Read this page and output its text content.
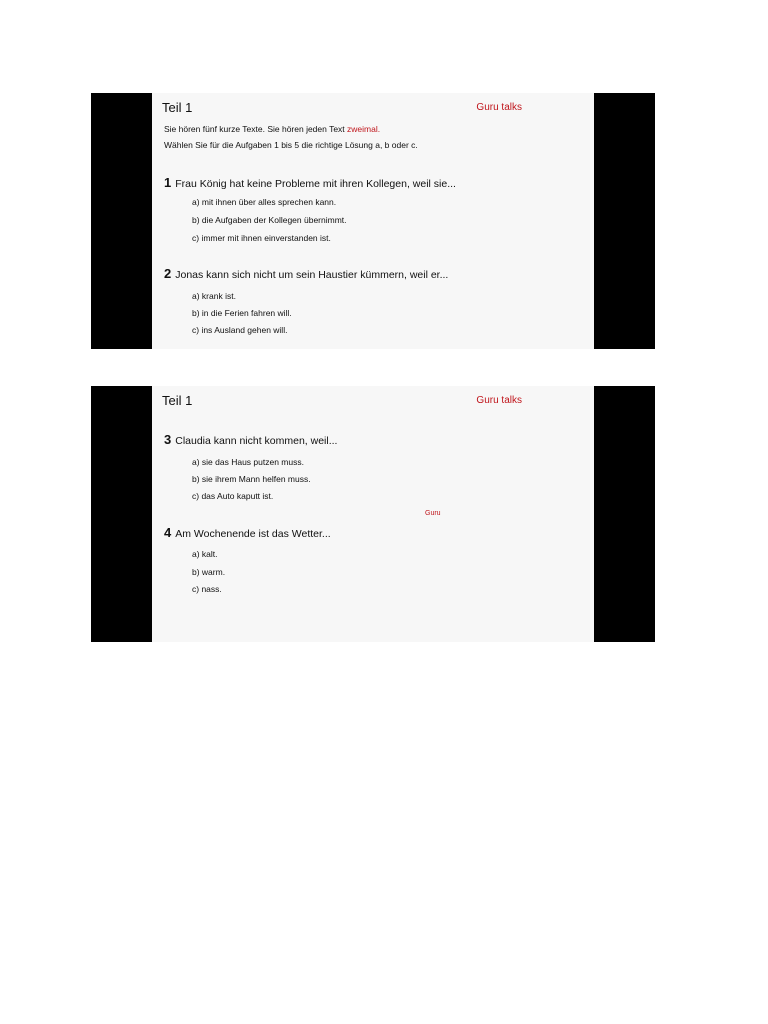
Teil 1	Guru talks
Sie hören fünf kurze Texte. Sie hören jeden Text zweimal.
Wählen Sie für die Aufgaben 1 bis 5 die richtige Lösung a, b oder c.
1 Frau König hat keine Probleme mit ihren Kollegen, weil sie...
a) mit ihnen über alles sprechen kann.
b) die Aufgaben der Kollegen übernimmt.
c) immer mit ihnen einverstanden ist.
2 Jonas kann sich nicht um sein Haustier kümmern, weil er...
a) krank ist.
b) in die Ferien fahren will.
c) ins Ausland gehen will.
Teil 1	Guru talks
3 Claudia kann nicht kommen, weil...
a) sie das Haus putzen muss.
b) sie ihrem Mann helfen muss.
c) das Auto kaputt ist.
Guru
4 Am Wochenende ist das Wetter...
a) kalt.
b) warm.
c) nass.
